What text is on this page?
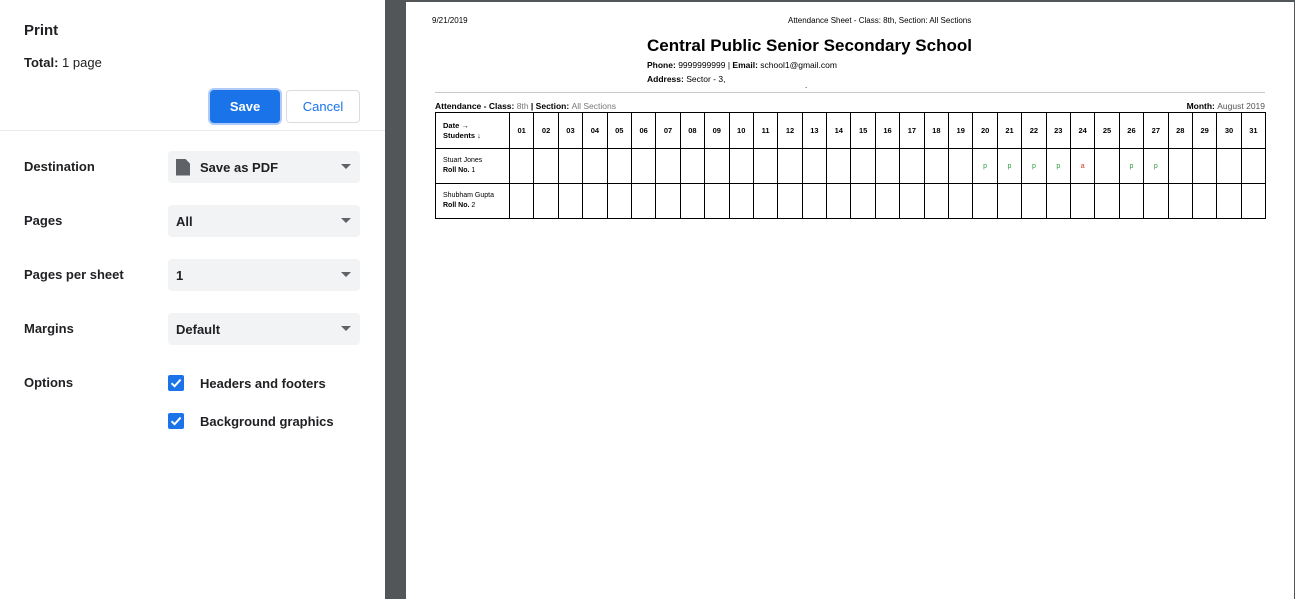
Print
Total: 1 page
Save	Cancel
Destination	Save as PDF
Pages	All
Pages per sheet	1
Margins	Default
Options	Headers and footers
Background graphics
9/21/2019	Attendance Sheet - Class: 8th, Section: All Sections
Central Public Senior Secondary School
Phone: 9999999999 | Email: school1@gmail.com
Address: Sector - 3,
.
Attendance - Class: 8th | Section: All Sections	Month: August 2019
Date →
Students ↓	01	02	03	04	05	06	07	08	09	10	11	12	13	14	15	16	17	18	19	20	21	22	23	24	25	26	27	28	29	30	31
Stuart Jones
Roll No. 1																				p	p	p	p	a		p	p				
Shubham Gupta
Roll No. 2																															
